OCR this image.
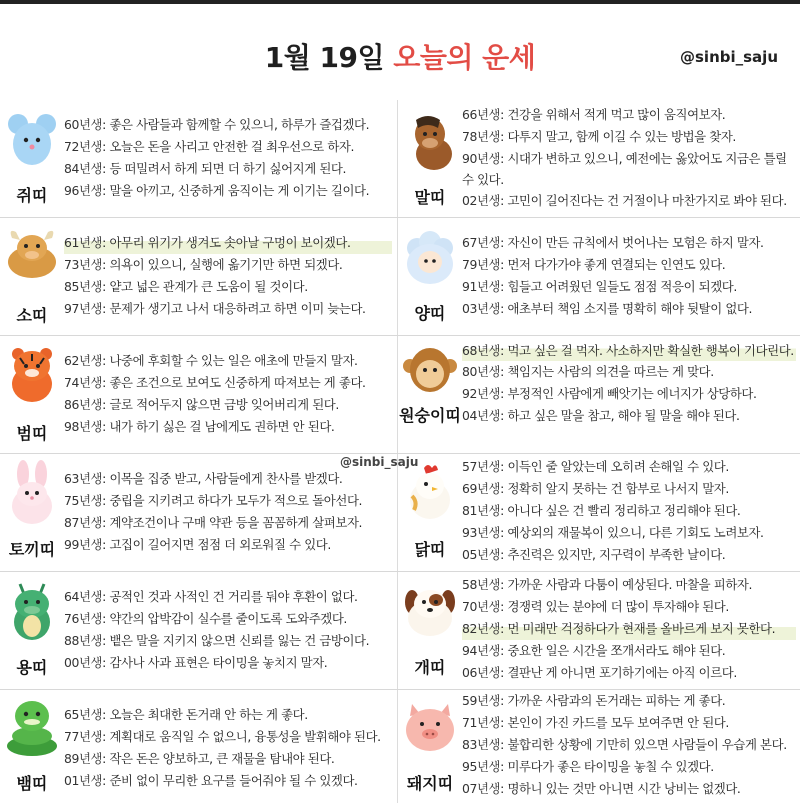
1월 19일 오늘의 운세	@sinbi_saju
쥐띠
60년생: 좋은 사람들과 함께할 수 있으니, 하루가 즐겁겠다.
72년생: 오늘은 돈을 사리고 안전한 걸 최우선으로 하자.
84년생: 등 떠밀려서 하게 되면 더 하기 싫어지게 된다.
96년생: 말을 아끼고, 신중하게 움직이는 게 이기는 길이다.
소띠
61년생: 아무리 위기가 생겨도 솟아날 구멍이 보이겠다.
73년생: 의욕이 있으니, 실행에 옮기기만 하면 되겠다.
85년생: 얕고 넓은 관계가 큰 도움이 될 것이다.
97년생: 문제가 생기고 나서 대응하려고 하면 이미 늦는다.
범띠
62년생: 나중에 후회할 수 있는 일은 애초에 만들지 말자.
74년생: 좋은 조건으로 보여도 신중하게 따져보는 게 좋다.
86년생: 글로 적어두지 않으면 금방 잊어버리게 된다.
98년생: 내가 하기 싫은 걸 남에게도 권하면 안 된다.
토끼띠
63년생: 이목을 집중 받고, 사람들에게 찬사를 받겠다.
75년생: 중립을 지키려고 하다가 모두가 적으로 돌아선다.
87년생: 계약조건이나 구매 약관 등을 꼼꼼하게 살펴보자.
99년생: 고집이 길어지면 점점 더 외로워질 수 있다.
용띠
64년생: 공적인 것과 사적인 건 거리를 둬야 후환이 없다.
76년생: 약간의 압박감이 실수를 줄이도록 도와주겠다.
88년생: 뱉은 말을 지키지 않으면 신뢰를 잃는 건 금방이다.
00년생: 감사나 사과 표현은 타이밍을 놓치지 말자.
뱀띠
65년생: 오늘은 최대한 돈거래 안 하는 게 좋다.
77년생: 계획대로 움직일 수 없으니, 융통성을 발휘해야 된다.
89년생: 작은 돈은 양보하고, 큰 재물을 탐내야 된다.
01년생: 준비 없이 무리한 요구를 들어줘야 될 수 있겠다.
말띠
66년생: 건강을 위해서 적게 먹고 많이 움직여보자.
78년생: 다투지 말고, 함께 이길 수 있는 방법을 찾자.
90년생: 시대가 변하고 있으니, 예전에는 옳았어도 지금은 틀릴 수 있다.
02년생: 고민이 길어진다는 건 거절이나 마찬가지로 봐야 된다.
양띠
67년생: 자신이 만든 규칙에서 벗어나는 모험은 하지 말자.
79년생: 먼저 다가가야 좋게 연결되는 인연도 있다.
91년생: 힘들고 어려웠던 일들도 점점 적응이 되겠다.
03년생: 애초부터 책임 소지를 명확히 해야 뒷탈이 없다.
원숭이띠
68년생: 먹고 싶은 걸 먹자. 사소하지만 확실한 행복이 기다린다.
80년생: 책임지는 사람의 의견을 따르는 게 맞다.
92년생: 부정적인 사람에게 빼앗기는 에너지가 상당하다.
04년생: 하고 싶은 말을 참고, 해야 될 말을 해야 된다.
닭띠
57년생: 이득인 줄 알았는데 오히려 손해일 수 있다.
69년생: 정확히 알지 못하는 건 함부로 나서지 말자.
81년생: 아니다 싶은 건 빨리 정리하고 정리해야 된다.
93년생: 예상외의 재물복이 있으니, 다른 기회도 노려보자.
05년생: 추진력은 있지만, 지구력이 부족한 날이다.
개띠
58년생: 가까운 사람과 다툼이 예상된다. 마찰을 피하자.
70년생: 경쟁력 있는 분야에 더 많이 투자해야 된다.
82년생: 먼 미래만 걱정하다가 현재를 올바르게 보지 못한다.
94년생: 중요한 일은 시간을 쪼개서라도 해야 된다.
06년생: 결판난 게 아니면 포기하기에는 아직 이르다.
돼지띠
59년생: 가까운 사람과의 돈거래는 피하는 게 좋다.
71년생: 본인이 가진 카드를 모두 보여주면 안 된다.
83년생: 불합리한 상황에 기만히 있으면 사람들이 우습게 본다.
95년생: 미루다가 좋은 타이밍을 놓칠 수 있겠다.
07년생: 명하니 있는 것만 아니면 시간 낭비는 없겠다.
@sinbi_saju
